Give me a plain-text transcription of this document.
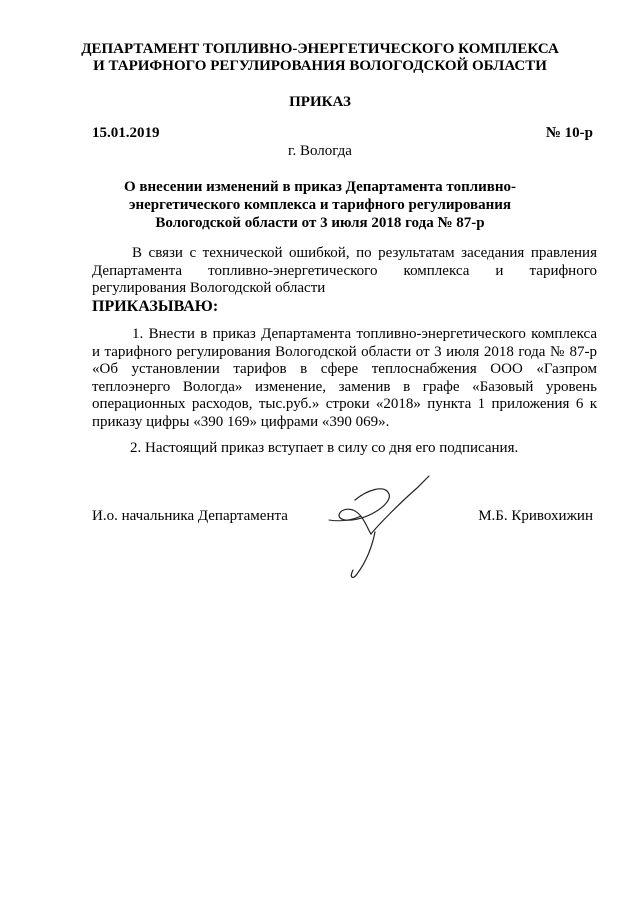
ДЕПАРТАМЕНТ ТОПЛИВНО-ЭНЕРГЕТИЧЕСКОГО КОМПЛЕКСА
И ТАРИФНОГО РЕГУЛИРОВАНИЯ ВОЛОГОДСКОЙ ОБЛАСТИ
ПРИКАЗ
15.01.2019	№ 10-р
г. Вологда
О внесении изменений в приказ Департамента топливно-энергетического комплекса и тарифного регулирования Вологодской области от 3 июля 2018 года № 87-р
В связи с технической ошибкой, по результатам заседания правления Департамента топливно-энергетического комплекса и тарифного регулирования Вологодской области
ПРИКАЗЫВАЮ:
1. Внести в приказ Департамента топливно-энергетического комплекса и тарифного регулирования Вологодской области от 3 июля 2018 года № 87-р «Об установлении тарифов в сфере теплоснабжения ООО «Газпром теплоэнерго Вологда» изменение, заменив в графе «Базовый уровень операционных расходов, тыс.руб.» строки «2018» пункта 1 приложения 6 к приказу цифры «390 169» цифрами «390 069».
2. Настоящий приказ вступает в силу со дня его подписания.
И.о. начальника Департамента	М.Б. Кривохижин
